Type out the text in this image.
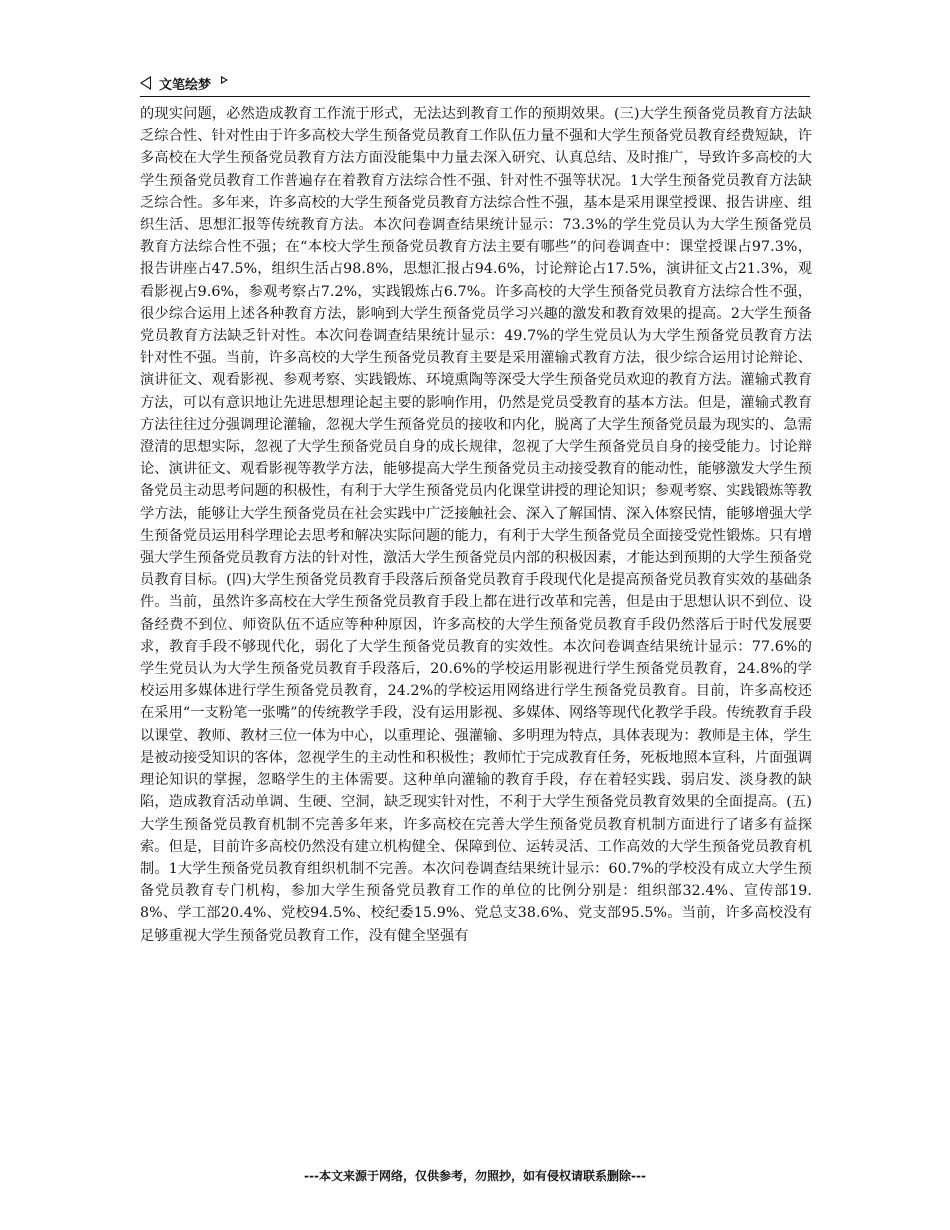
文笔绘梦

的现实问题，必然造成教育工作流于形式，无法达到教育工作的预期效果。(三)大学生预备党员教育方法缺乏综合性、针对性由于许多高校大学生预备党员教育工作队伍力量不强和大学生预备党员教育经费短缺，许多高校在大学生预备党员教育方法方面没能集中力量去深入研究、认真总结、及时推广，导致许多高校的大学生预备党员教育工作普遍存在着教育方法综合性不强、针对性不强等状况。1大学生预备党员教育方法缺乏综合性。多年来，许多高校的大学生预备党员教育方法综合性不强，基本是采用课堂授课、报告讲座、组织生活、思想汇报等传统教育方法。本次问卷调查结果统计显示：73.3%的学生党员认为大学生预备党员教育方法综合性不强；在“本校大学生预备党员教育方法主要有哪些”的问卷调查中：课堂授课占97.3%，报告讲座占47.5%，组织生活占98.8%，思想汇报占94.6%，讨论辩论占17.5%，演讲征文占21.3%，观看影视占9.6%，参观考察占7.2%，实践锻炼占6.7%。许多高校的大学生预备党员教育方法综合性不强，很少综合运用上述各种教育方法，影响到大学生预备党员学习兴趣的激发和教育效果的提高。2大学生预备党员教育方法缺乏针对性。本次问卷调查结果统计显示：49.7%的学生党员认为大学生预备党员教育方法针对性不强。当前，许多高校的大学生预备党员教育主要是采用灌输式教育方法，很少综合运用讨论辩论、演讲征文、观看影视、参观考察、实践锻炼、环境熏陶等深受大学生预备党员欢迎的教育方法。灌输式教育方法，可以有意识地让先进思想理论起主要的影响作用，仍然是党员受教育的基本方法。但是，灌输式教育方法往往过分强调理论灌输，忽视大学生预备党员的接收和内化，脱离了大学生预备党员最为现实的、急需澄清的思想实际，忽视了大学生预备党员自身的成长规律，忽视了大学生预备党员自身的接受能力。讨论辩论、演讲征文、观看影视等教学方法，能够提高大学生预备党员主动接受教育的能动性，能够激发大学生预备党员主动思考问题的积极性，有利于大学生预备党员内化课堂讲授的理论知识；参观考察、实践锻炼等教学方法，能够让大学生预备党员在社会实践中广泛接触社会、深入了解国情、深入体察民情，能够增强大学生预备党员运用科学理论去思考和解决实际问题的能力，有利于大学生预备党员全面接受党性锻炼。只有增强大学生预备党员教育方法的针对性，激活大学生预备党员内部的积极因素，才能达到预期的大学生预备党员教育目标。(四)大学生预备党员教育手段落后预备党员教育手段现代化是提高预备党员教育实效的基础条件。当前，虽然许多高校在大学生预备党员教育手段上都在进行改革和完善，但是由于思想认识不到位、设备经费不到位、师资队伍不适应等种种原因，许多高校的大学生预备党员教育手段仍然落后于时代发展要求，教育手段不够现代化，弱化了大学生预备党员教育的实效性。本次问卷调查结果统计显示：77.6%的学生党员认为大学生预备党员教育手段落后，20.6%的学校运用影视进行学生预备党员教育，24.8%的学校运用多媒体进行学生预备党员教育，24.2%的学校运用网络进行学生预备党员教育。目前，许多高校还在采用“一支粉笔一张嘴”的传统教学手段，没有运用影视、多媒体、网络等现代化教学手段。传统教育手段以课堂、教师、教材三位一体为中心，以重理论、强灌输、多明理为特点，具体表现为：教师是主体，学生是被动接受知识的客体，忽视学生的主动性和积极性；教师忙于完成教育任务，死板地照本宣科，片面强调理论知识的掌握，忽略学生的主体需要。这种单向灌输的教育手段，存在着轻实践、弱启发、淡身教的缺陷，造成教育活动单调、生硬、空洞，缺乏现实针对性，不利于大学生预备党员教育效果的全面提高。(五)大学生预备党员教育机制不完善多年来，许多高校在完善大学生预备党员教育机制方面进行了诸多有益探索。但是，目前许多高校仍然没有建立机构健全、保障到位、运转灵活、工作高效的大学生预备党员教育机制。1大学生预备党员教育组织机制不完善。本次问卷调查结果统计显示：60.7%的学校没有成立大学生预备党员教育专门机构，参加大学生预备党员教育工作的单位的比例分别是：组织部32.4%、宣传部19.8%、学工部20.4%、党校94.5%、校纪委15.9%、党总支38.6%、党支部95.5%。当前，许多高校没有足够重视大学生预备党员教育工作，没有健全坚强有

---本文来源于网络，仅供参考，勿照抄，如有侵权请联系删除---
